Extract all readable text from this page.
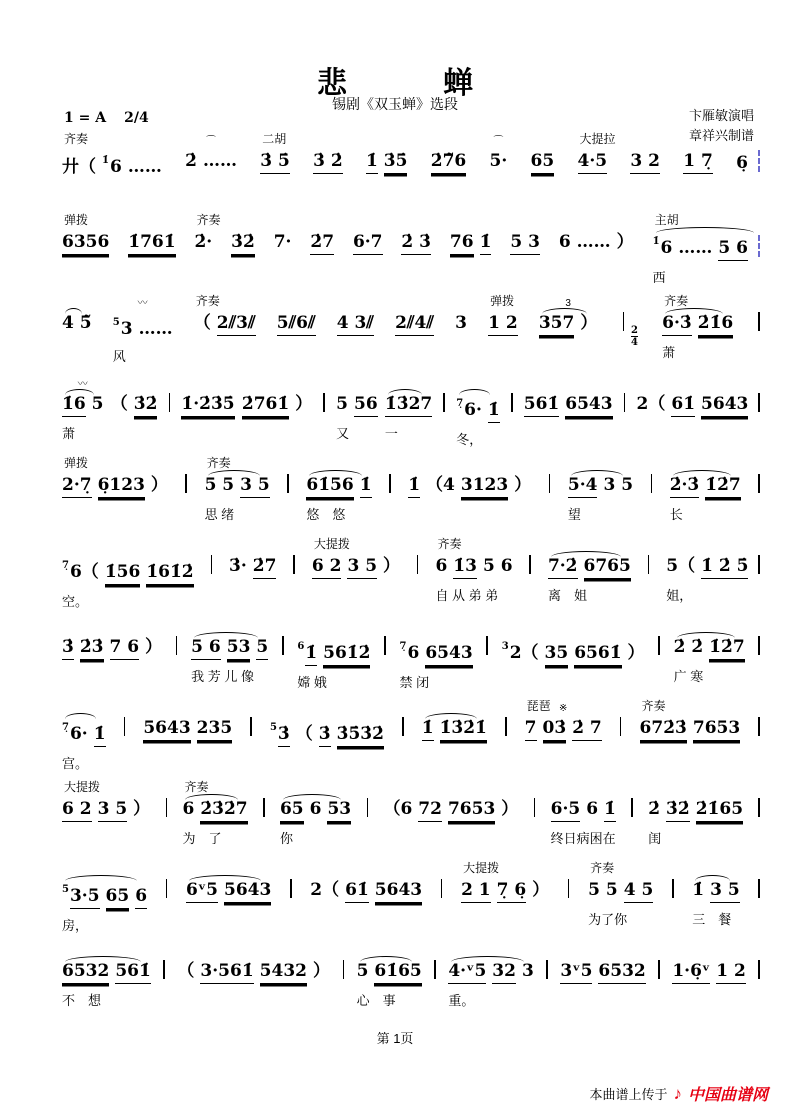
悲蝉
锡剧《双玉蝉》选段
1 = A 2/4	卞雁敏演唱
章祥兴制谱
齐奏
廾（ 1̇6 ……
⌒
2̇ ……
二胡
3̇ 5̇ 3̇ 2̇ 1̇ 3̇5̇ 2̇7̃6
⌒
5· 65
大提拉
4·5 3 2 1 7̣ 6̣
弹拨
6356 1̇761̇
齐奏
2̇· 3̇2̇ 7· 2̇7 6·7 2̇ 3̇ 76 1̇ 5 3 6 …… ）
主胡
1̇6 …… 5 6
西
4 5̃
〰
53 ……
风
齐奏
（ 2⫽3⫽ 5⫽6⫽ 4 3⫽ 2⫽4⫽ 3
弹拨
1 2
3
357 ）
$\frac{2}{4}$
齐奏
6·3̇ 2̇1̇6
萧
〰
1̇6 5
萧
（ 3̇2̇ 1̇·2̇3̇5̇ 2̇761̇ ） 5 56
又
1̇3̇27
一
7̣6· 1̇
冬，
561̇ 6543 2（ 61̇ 5643
弹拨
2·7̣ 6̣123 ）
齐奏
5 5 3 5
思 绪
61̇56 1̇
悠　悠
1̇ （4 3123 ） 5·4 3 5
望
2̇·3̇ 1̇2̇7
长
7̣6（ 1̇56 1̇61̇2̇
空。
3̇· 2̇7
大提拨
6 2 3 5 ）
齐奏
6 1̇3 5 6
自 从 弟 弟
7·2̇ 6765
离　姐
5（ 1̇ 2̇ 5̇
姐，
3̇ 2̇3̇ 7 6 ） 5 6 53 5
我 芳 儿 像
61̇ 561̇2̇
嫦 娥
7̣6 6543
禁 闭
32（ 35 6561̇ ） 2̇ 2̇ 1̇2̇7
广 寒
7̣6· 1̇
宫。
5643 235	53̇ （ 3̇ 3̇5̇3̇2̇ 1̇ 1̇3̇2̇1̇
琵琶 ※
7 03̇ 2̇ 7
齐奏
672̇3̇ 7653
大提拨
6 2 3 5 ）
齐奏
6 2̇3̇2̇7
为　了
65 6 53
你
（6 72 7653 ） 6·5 6 1̇
终日病困在
2̇ 3̇2̇ 2̇1̇65
闺
53·5 65 6
房，
6ᵛ5 5643 2（ 61̇ 5643
大提拨
2 1 7̣ 6̣ ）
齐奏
5 5 4 5
为了你
1̇ 3 5
三　餐
6532 561̇
不　想
（ 3·561̇ 5432 ） 5 61̇65
心　事
4·ᵛ5 32 3
重。
3ᵛ5 6532 1·6̣ᵛ 1 2
第 1页
本曲谱上传于 ♪ 中国曲谱网
